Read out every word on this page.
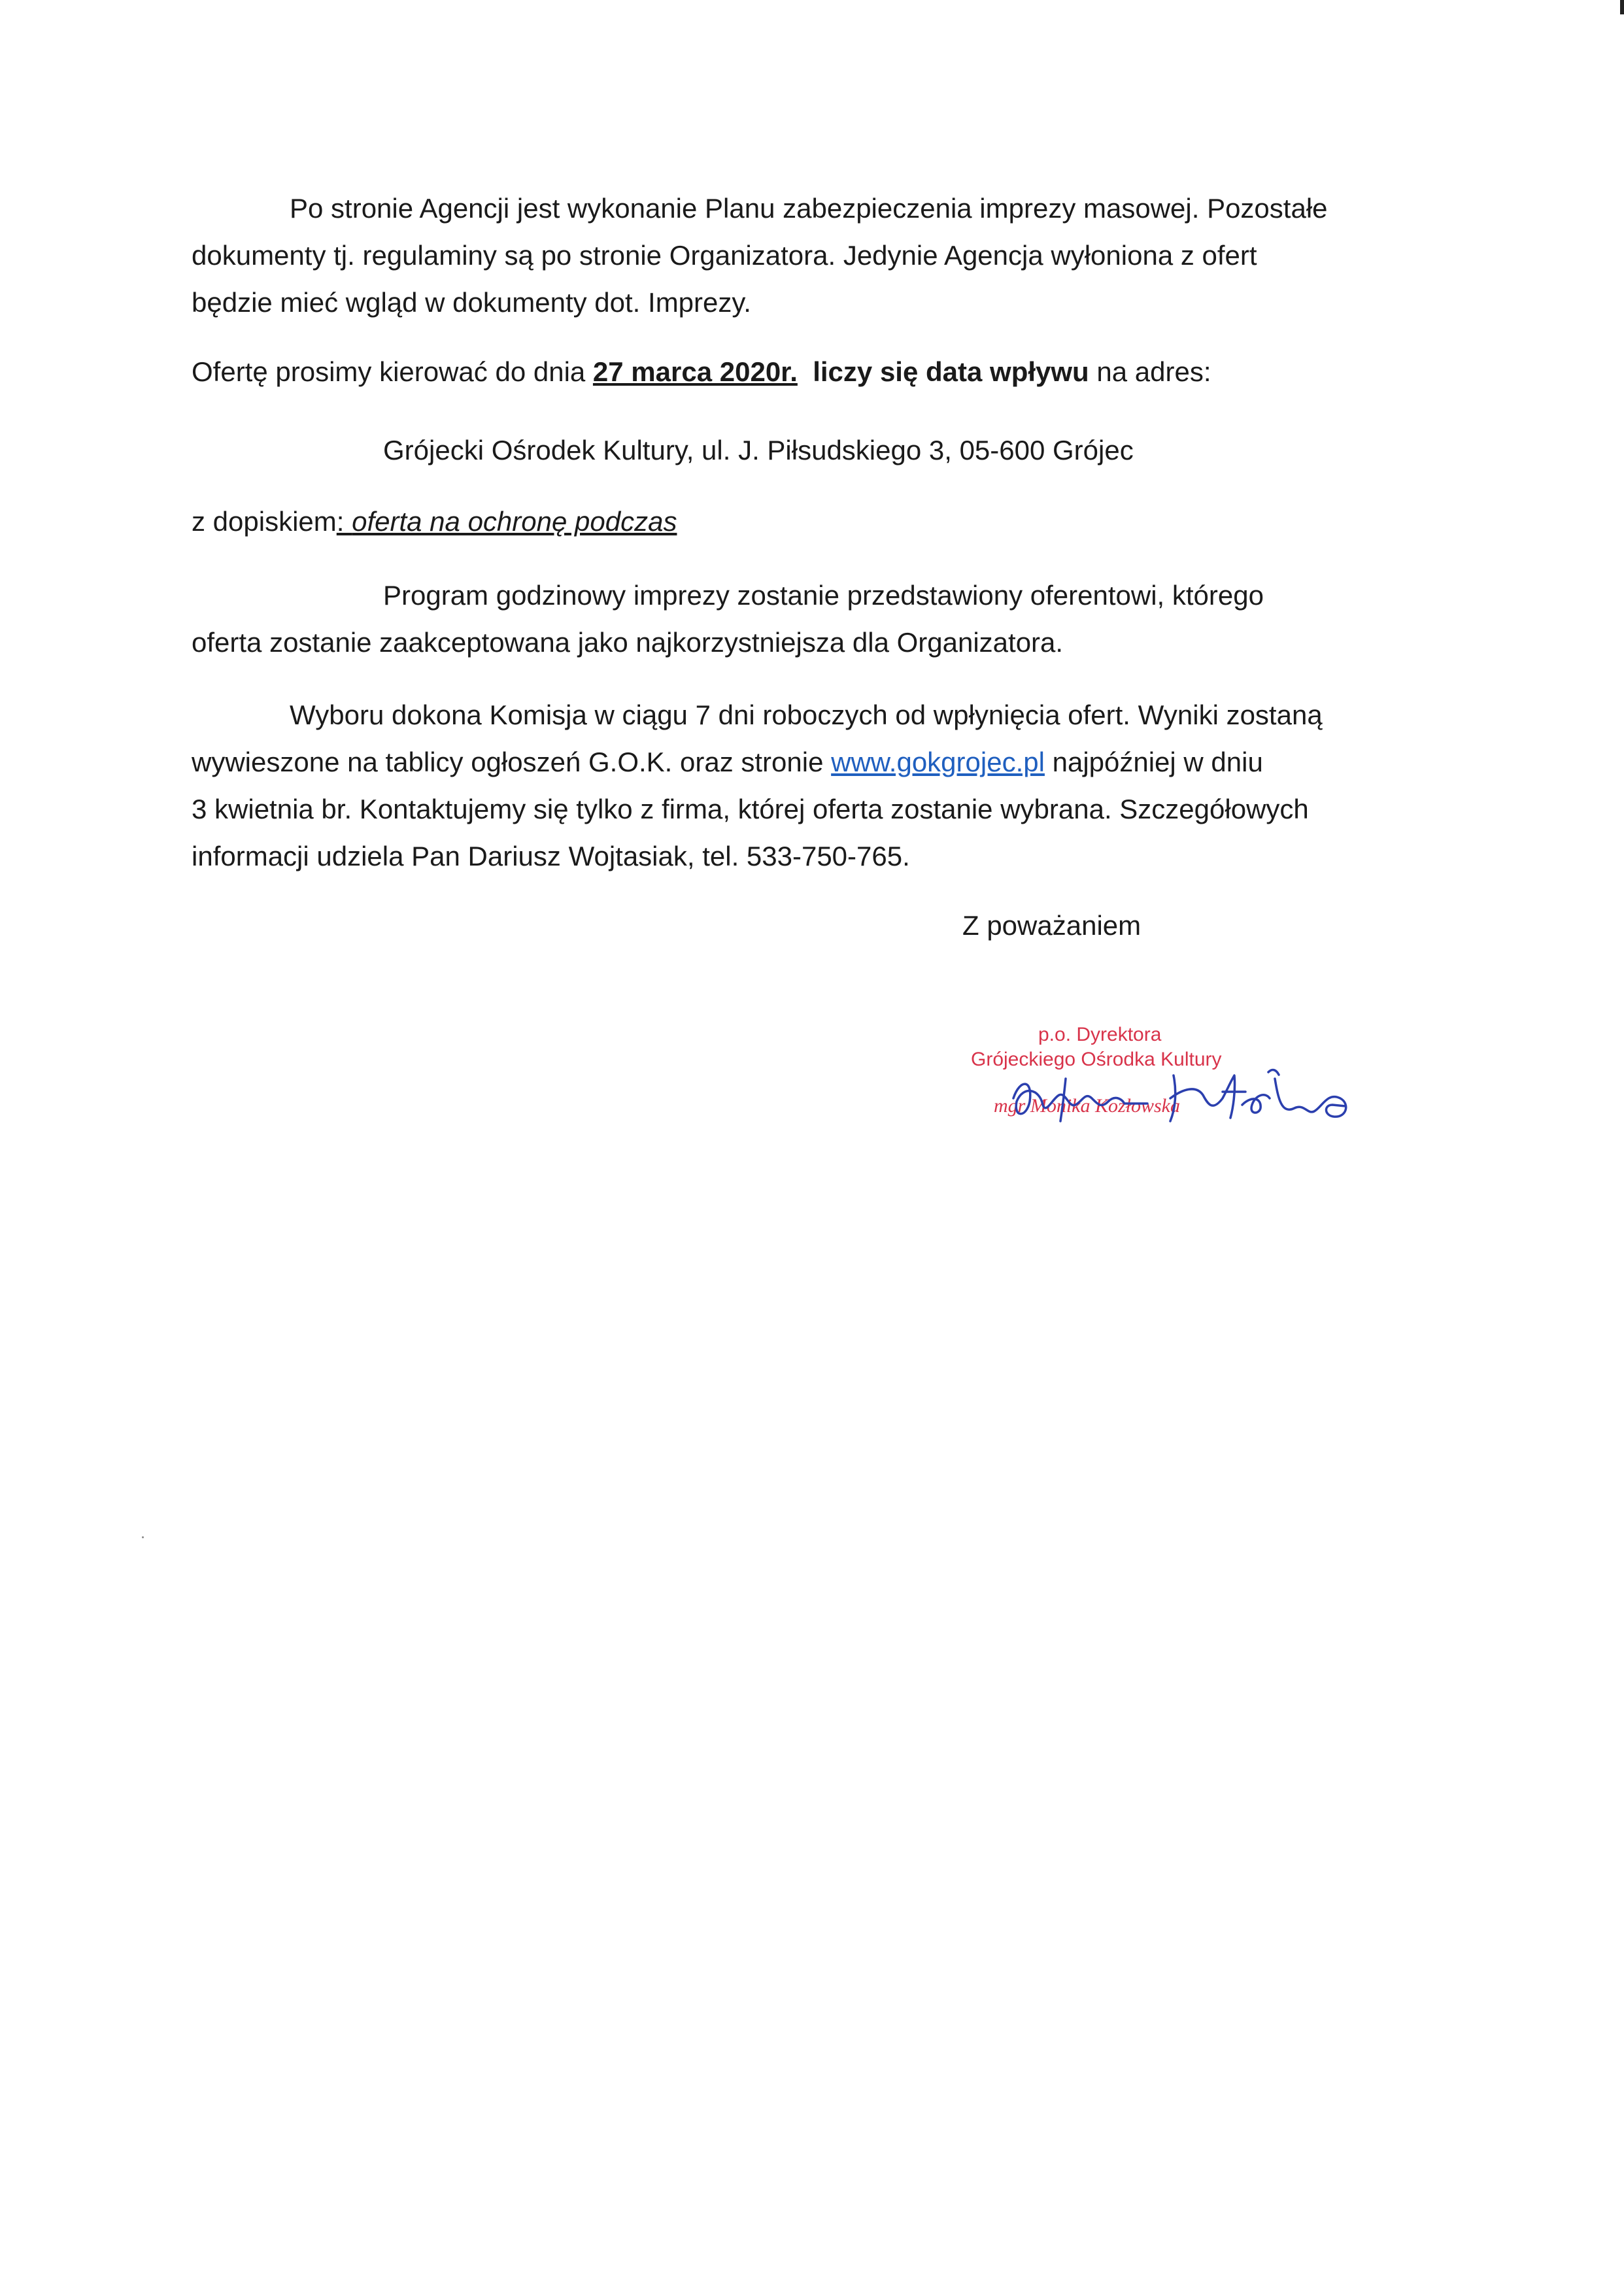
Po stronie Agencji jest wykonanie Planu zabezpieczenia imprezy masowej. Pozostałe
dokumenty tj. regulaminy są po stronie Organizatora. Jedynie Agencja wyłoniona z ofert
będzie mieć wgląd w dokumenty dot. Imprezy.
Ofertę prosimy kierować do dnia 27 marca 2020r. liczy się data wpływu na adres:
Grójecki Ośrodek Kultury, ul. J. Piłsudskiego 3, 05-600 Grójec
z dopiskiem: oferta na ochronę podczas
Program godzinowy imprezy zostanie przedstawiony oferentowi, którego
oferta zostanie zaakceptowana jako najkorzystniejsza dla Organizatora.
Wyboru dokona Komisja w ciągu 7 dni roboczych od wpłynięcia ofert. Wyniki zostaną
wywieszone na tablicy ogłoszeń G.O.K. oraz stronie www.gokgrojec.pl najpóźniej w dniu
3 kwietnia br. Kontaktujemy się tylko z firma, której oferta zostanie wybrana. Szczegółowych
informacji udziela Pan Dariusz Wojtasiak, tel. 533-750-765.
Z poważaniem
p.o. Dyrektora
Grójeckiego Ośrodka Kultury
mgr Monika Kozłowska
